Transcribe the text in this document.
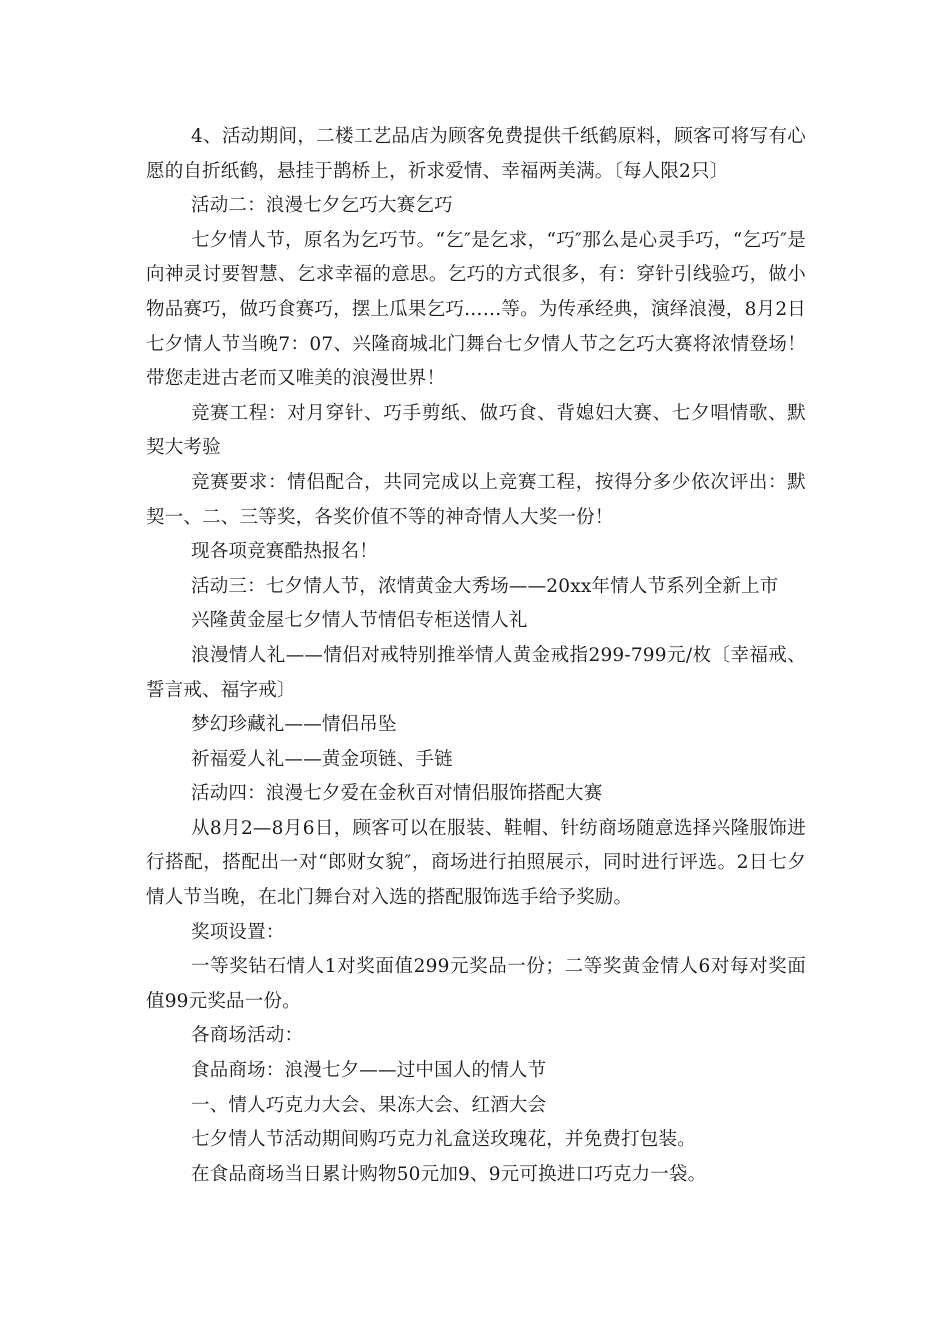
4、活动期间，二楼工艺品店为顾客免费提供千纸鹤原料，顾客可将写有心愿的自折纸鹤，悬挂于鹊桥上，祈求爱情、幸福两美满。〔每人限2只〕

活动二：浪漫七夕乞巧大赛乞巧

七夕情人节，原名为乞巧节。“乞″是乞求，“巧″那么是心灵手巧，“乞巧″是向神灵讨要智慧、乞求幸福的意思。乞巧的方式很多，有：穿针引线验巧，做小物品赛巧，做巧食赛巧，摆上瓜果乞巧……等。为传承经典，演绎浪漫，8月2日七夕情人节当晚7：07、兴隆商城北门舞台七夕情人节之乞巧大赛将浓情登场！带您走进古老而又唯美的浪漫世界！

竞赛工程：对月穿针、巧手剪纸、做巧食、背媳妇大赛、七夕唱情歌、默契大考验

竞赛要求：情侣配合，共同完成以上竞赛工程，按得分多少依次评出：默契一、二、三等奖，各奖价值不等的神奇情人大奖一份！

现各项竞赛酷热报名！

活动三：七夕情人节，浓情黄金大秀场——20xx年情人节系列全新上市

兴隆黄金屋七夕情人节情侣专柜送情人礼

浪漫情人礼——情侣对戒特别推举情人黄金戒指299-799元/枚〔幸福戒、誓言戒、福字戒〕

梦幻珍藏礼——情侣吊坠

祈福爱人礼——黄金项链、手链

活动四：浪漫七夕爱在金秋百对情侣服饰搭配大赛

从8月2—8月6日，顾客可以在服装、鞋帽、针纺商场随意选择兴隆服饰进行搭配，搭配出一对“郎财女貌″，商场进行拍照展示，同时进行评选。2日七夕情人节当晚，在北门舞台对入选的搭配服饰选手给予奖励。

奖项设置：

一等奖钻石情人1对奖面值299元奖品一份；二等奖黄金情人6对每对奖面值99元奖品一份。

各商场活动：

食品商场：浪漫七夕——过中国人的情人节

一、情人巧克力大会、果冻大会、红酒大会

七夕情人节活动期间购巧克力礼盒送玫瑰花，并免费打包装。

在食品商场当日累计购物50元加9、9元可换进口巧克力一袋。
